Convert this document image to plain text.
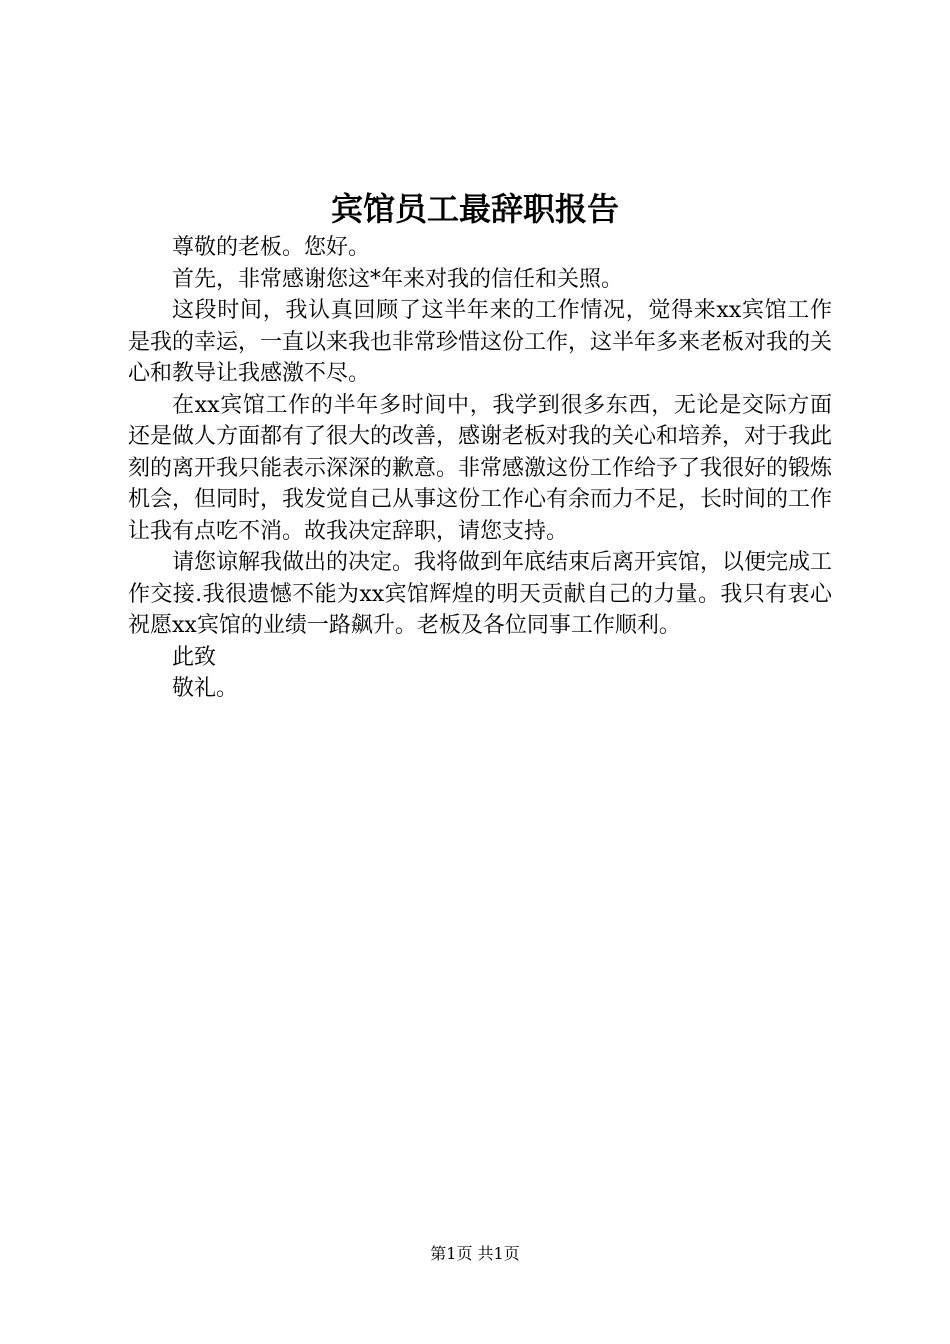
宾馆员工最辞职报告

尊敬的老板。您好。

首先，非常感谢您这*年来对我的信任和关照。

这段时间，我认真回顾了这半年来的工作情况，觉得来xx宾馆工作是我的幸运，一直以来我也非常珍惜这份工作，这半年多来老板对我的关心和教导让我感激不尽。

在xx宾馆工作的半年多时间中，我学到很多东西，无论是交际方面还是做人方面都有了很大的改善，感谢老板对我的关心和培养，对于我此刻的离开我只能表示深深的歉意。非常感激这份工作给予了我很好的锻炼机会，但同时，我发觉自己从事这份工作心有余而力不足，长时间的工作让我有点吃不消。故我决定辞职，请您支持。

请您谅解我做出的决定。我将做到年底结束后离开宾馆，以便完成工作交接.我很遗憾不能为xx宾馆辉煌的明天贡献自己的力量。我只有衷心祝愿xx宾馆的业绩一路飙升。老板及各位同事工作顺利。

此致

敬礼。

第1页 共1页
